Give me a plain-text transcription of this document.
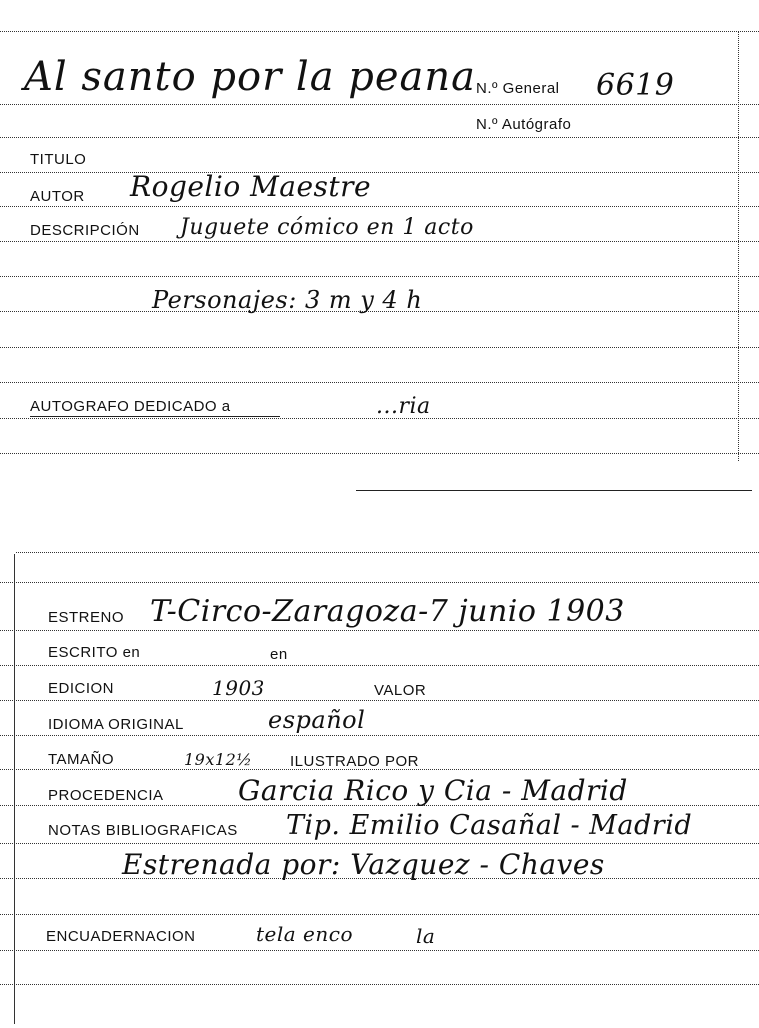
Al santo por la peana N.º General 6619
N.º Autógrafo
TITULO
AUTOR Rogelio Maestre
DESCRIPCIÓN Juguete cómico en 1 acto
Personajes: 3 m y 4 h
AUTOGRAFO DEDICADO a	...ria
ESTRENO T-Circo-Zaragoza-7 junio 1903
ESCRITO en	en
EDICION	1903	VALOR
IDIOMA ORIGINAL	español
TAMAÑO	19x12½	ILUSTRADO POR
PROCEDENCIA	Garcia Rico y Cia - Madrid
NOTAS BIBLIOGRAFICAS Tip. Emilio Casañal - Madrid
Estrenada por: Vazquez - Chaves
ENCUADERNACION	tela enco	la
